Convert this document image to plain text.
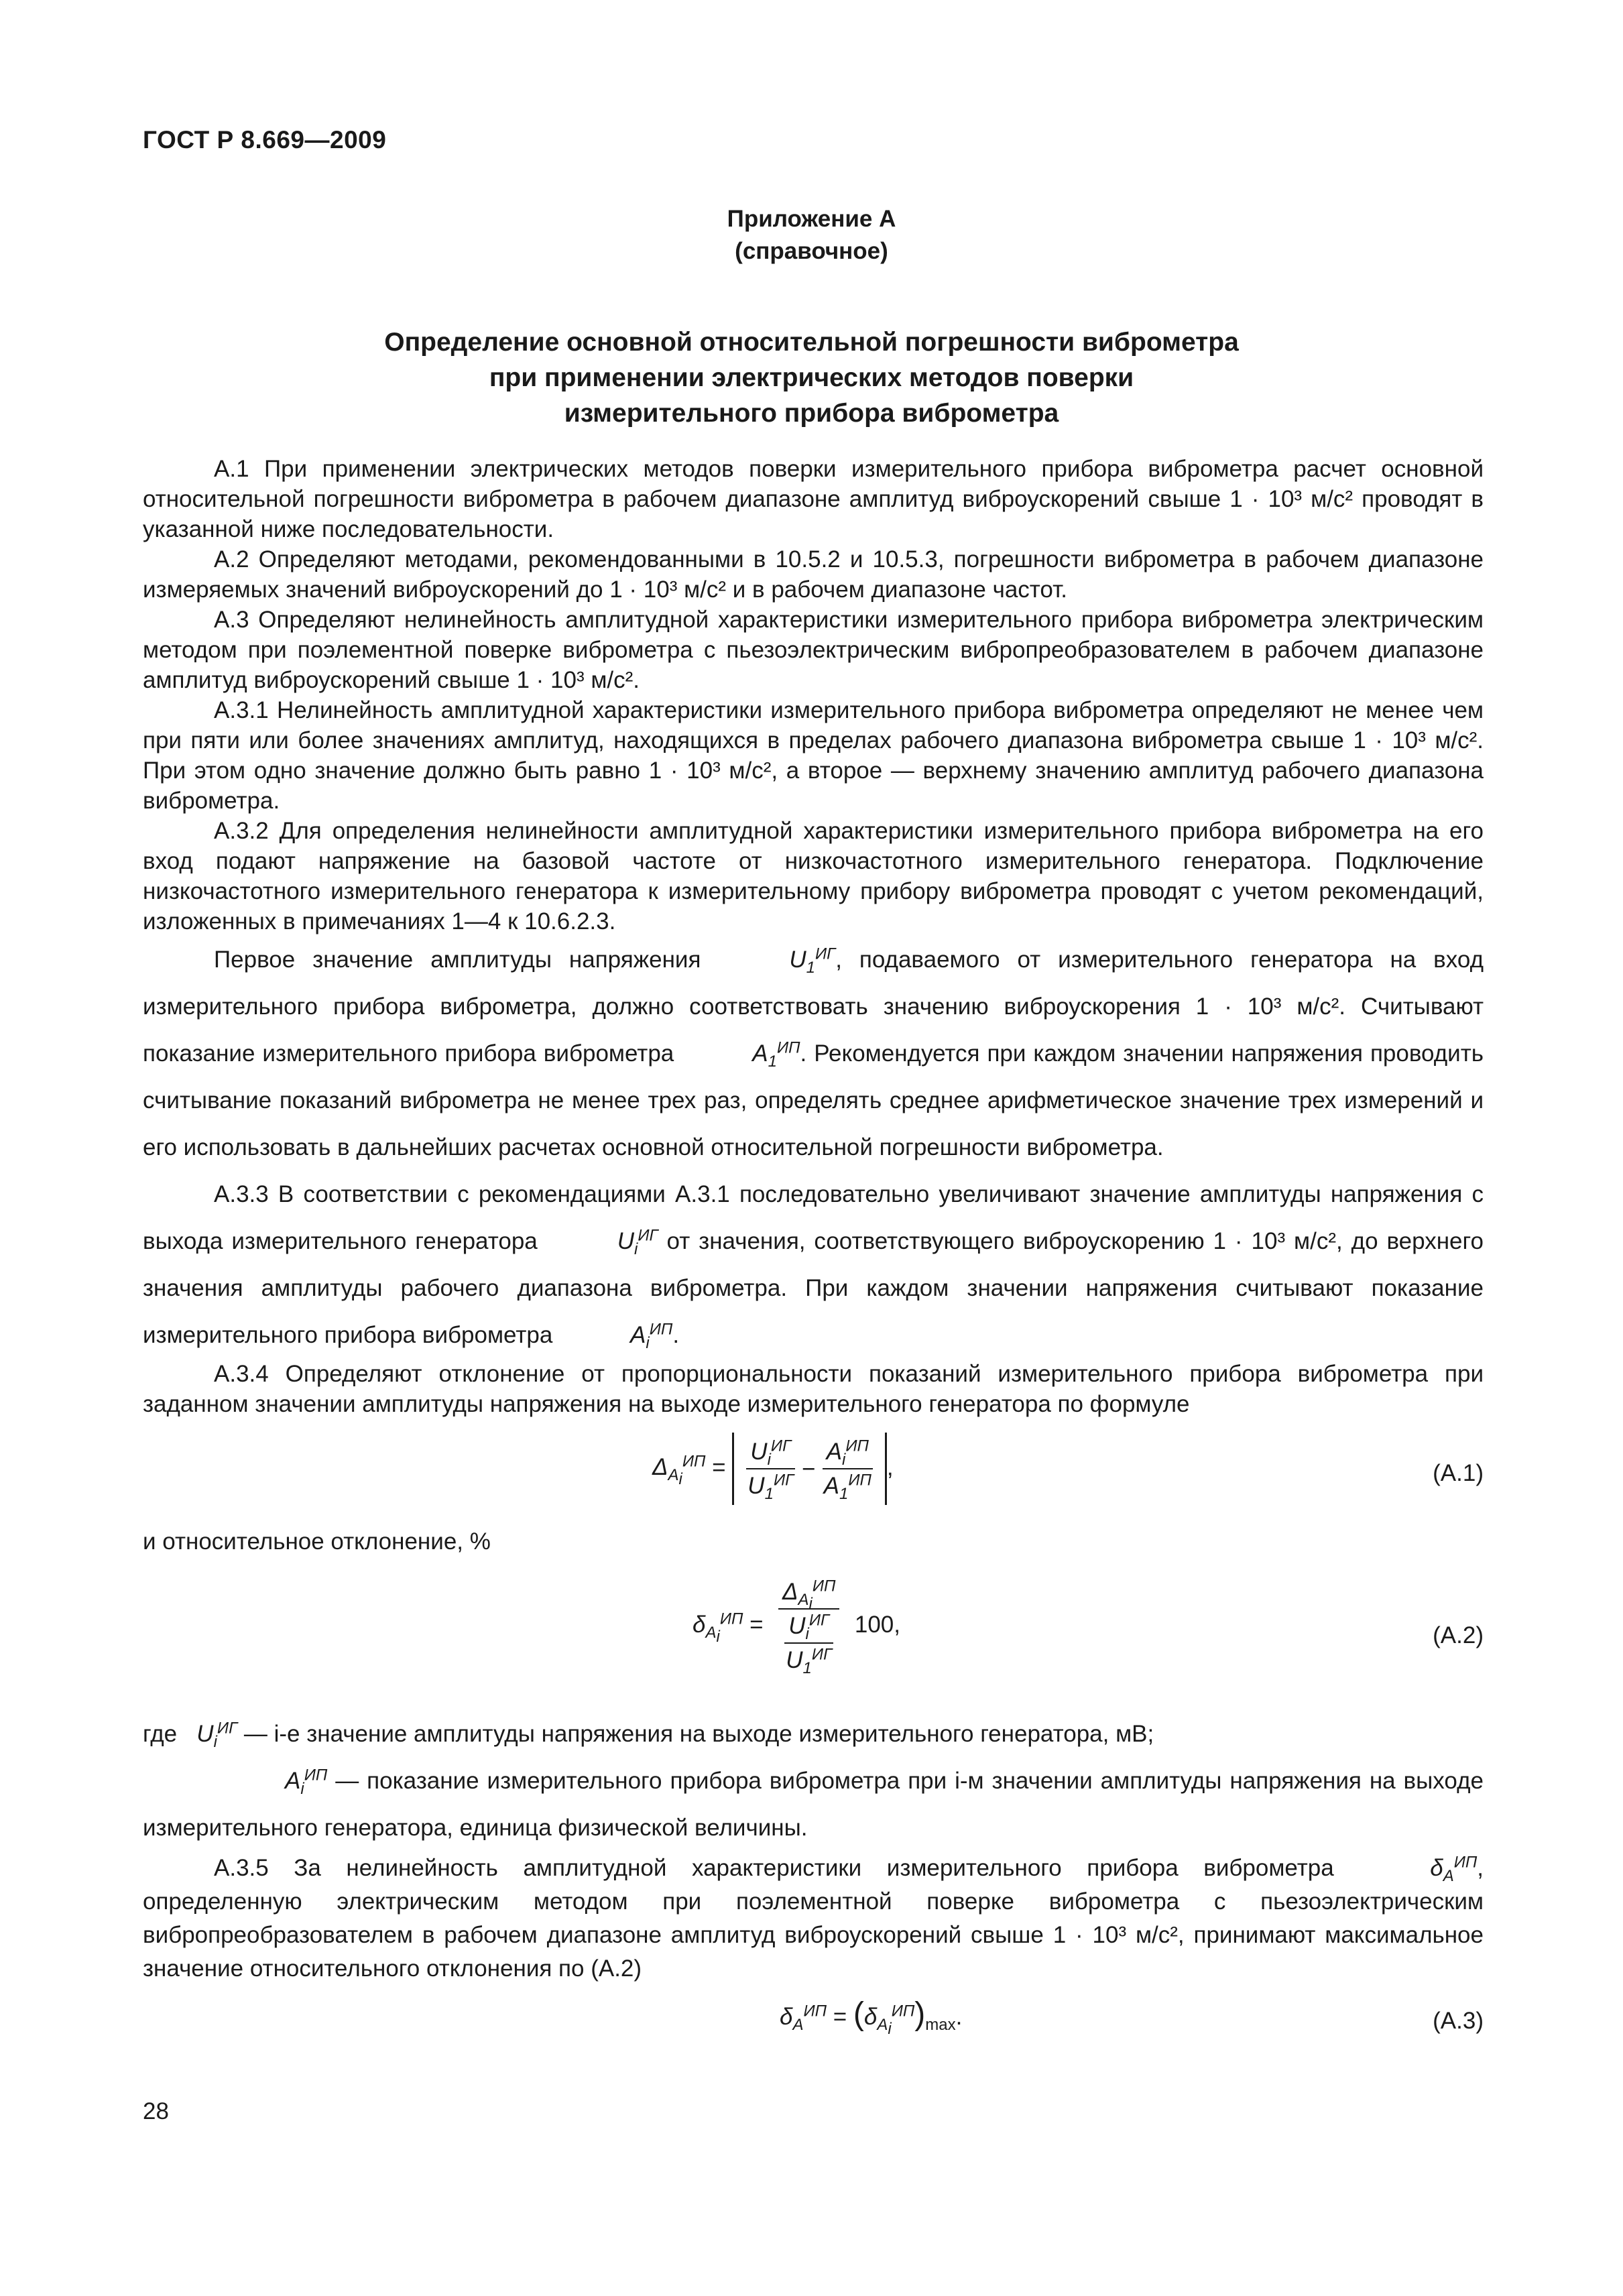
ГОСТ Р 8.669—2009
Приложение А
(справочное)
Определение основной относительной погрешности виброметра
при применении электрических методов поверки
измерительного прибора виброметра

А.1 При применении электрических методов поверки измерительного прибора виброметра расчет основной относительной погрешности виброметра в рабочем диапазоне амплитуд виброускорений свыше 1 · 10³ м/с² проводят в указанной ниже последовательности.

А.2 Определяют методами, рекомендованными в 10.5.2 и 10.5.3, погрешности виброметра в рабочем диапазоне измеряемых значений виброускорений до 1 · 10³ м/с² и в рабочем диапазоне частот.

А.3 Определяют нелинейность амплитудной характеристики измерительного прибора виброметра электрическим методом при поэлементной поверке виброметра с пьезоэлектрическим вибропреобразователем в рабочем диапазоне амплитуд виброускорений свыше 1 · 10³ м/с².

А.3.1 Нелинейность амплитудной характеристики измерительного прибора виброметра определяют не менее чем при пяти или более значениях амплитуд, находящихся в пределах рабочего диапазона виброметра свыше 1 · 10³ м/с². При этом одно значение должно быть равно 1 · 10³ м/с², а второе — верхнему значению амплитуд рабочего диапазона виброметра.

А.3.2 Для определения нелинейности амплитудной характеристики измерительного прибора виброметра на его вход подают напряжение на базовой частоте от низкочастотного измерительного генератора. Подключение низкочастотного измерительного генератора к измерительному прибору виброметра проводят с учетом рекомендаций, изложенных в примечаниях 1—4 к 10.6.2.3.

Первое значение амплитуды напряжения	$U_1^{ИГ}$, подаваемого от измерительного генератора на вход измерительного прибора виброметра, должно соответствовать значению виброускорения 1 · 10³ м/с². Считывают показание измерительного прибора виброметра	$A_1^{ИП}$. Рекомендуется при каждом значении напряжения проводить считывание показаний виброметра не менее трех раз, определять среднее арифметическое значение трех измерений и его использовать в дальнейших расчетах основной относительной погрешности виброметра.

А.3.3 В соответствии с рекомендациями А.3.1 последовательно увеличивают значение амплитуды напряжения с выхода измерительного генератора	$U_i^{ИГ}$ от значения, соответствующего виброускорению 1 · 10³ м/с², до верхнего значения амплитуды рабочего диапазона виброметра. При каждом значении напряжения считывают показание измерительного прибора виброметра	$A_i^{ИП}$.

А.3.4 Определяют отклонение от пропорциональности показаний измерительного прибора виброметра при заданном значении амплитуды напряжения на выходе измерительного генератора по формуле

$\Delta_{A_i}^{ИП} = \frac{U_i^{ИГ}}{U_1^{ИГ}} - \frac{A_i^{ИП}}{A_1^{ИП}}$ ,	(А.1)

и относительное отклонение, %

$\delta_{A_i}^{ИП} = \frac{\Delta_{A_i}^{ИП}}{\frac{U_i^{ИГ}}{U_1^{ИГ}}} 100$,	(А.2)

где $U_i^{ИГ}$ — i-е значение амплитуды напряжения на выходе измерительного генератора, мВ;

$A_i^{ИП}$ — показание измерительного прибора виброметра при i-м значении амплитуды напряжения на выходе измерительного генератора, единица физической величины.

А.3.5 За нелинейность амплитудной характеристики измерительного прибора виброметра	$\delta_A^{ИП}$, определенную электрическим методом при поэлементной поверке виброметра с пьезоэлектрическим вибропреобразователем в рабочем диапазоне амплитуд виброускорений свыше 1 · 10³ м/с², принимают максимальное значение относительного отклонения по (А.2)

$\delta_A^{ИП} = (\delta_{A_i}^{ИП})_{max}$.	(А.3)
28
